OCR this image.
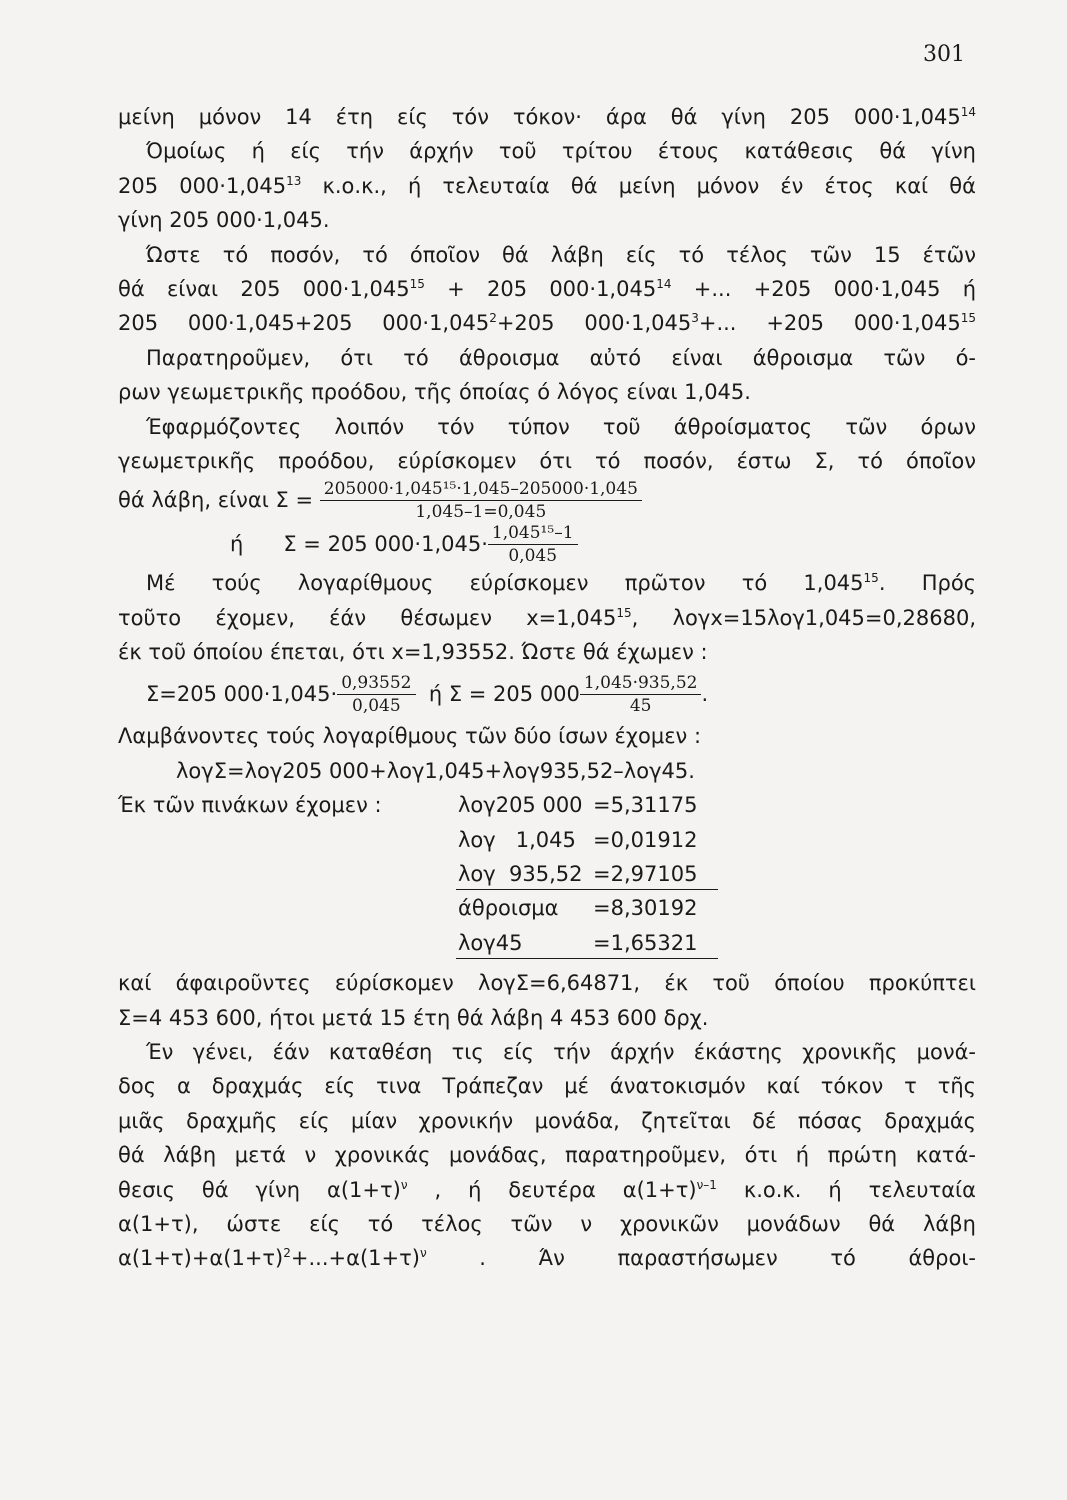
301
μείνη μόνον 14 έτη είς τόν τόκον· άρα θά γίνη 205 $000\cdot 1,045^{14}$
Όμοίως ή είς τήν άρχήν τοῦ τρίτου έτους κατάθεσις θά γίνη
205 $000\cdot 1,045^{13}$ κ.ο.κ., ή τελευταία θά μείνη μόνον έν έτος καί θά
γίνη 205 000·1,045.
Ώστε τό ποσόν, τό όποῖον θά λάβη είς τό τέλος τῶν 15 έτῶν
θά είναι 205 $000\cdot 1,045^{15} + 205$ $000\cdot 1,045^{14}$ +... +205 000·1,045 ή
205 000·1,045+205 $000\cdot 1,045^2+205$ $000\cdot 1,045^3+$... +205 $000\cdot 1,045^{15}$
Παρατηροῦμεν, ότι τό άθροισμα αὐτό είναι άθροισμα τῶν ό-
ρων γεωμετρικῆς προόδου, τῆς όποίας ό λόγος είναι 1,045.
Έφαρμόζοντες λοιπόν τόν τύπον τοῦ άθροίσματος τῶν όρων
γεωμετρικῆς προόδου, εύρίσκομεν ότι τό ποσόν, έστω Σ, τό όποῖον
θά λάβη, είναι Σ =
$\frac{\text{205000·1,045¹⁵·1,045–205000·1,045}}{1,045-1=0,045}$
ή      Σ = 205 $000\cdot 1,045\cdot \frac{\text{1,045¹⁵–1}}{0,045}$
Μέ τούς λογαρίθμους εύρίσκομεν πρῶτον τό 1,045$^{15}$. Πρός
τοῦτο έχομεν, έάν θέσωμεν $x=1,045^{15}$, λογx=15λογ1,045=0,28680,
έκ τοῦ όποίου έπεται, ότι x=1,93552. Ώστε θά έχωμεν :
Σ=205 $000\cdot 1,045\cdot \frac{0,93552}{0,045}$
ή Σ = 205 $000 \frac{1,045\cdot 935,52}{45}$ .
Λαμβάνοντες τούς λογαρίθμους τῶν δύο ίσων έχομεν :
λογΣ=λογ205 000+λογ1,045+λογ935,52–λογ45.
Έκ τῶν πινάκων έχομεν :	λογ205 000 =5,31175
λογ   1,045 =0,01912
λογ  935,52 =2,97105
άθροισμα =8,30192
λογ45	=1,65321
καί άφαιροῦντες εύρίσκομεν λογΣ=6,64871, έκ τοῦ όποίου προκύπτει
Σ=4 453 600, ήτοι μετά 15 έτη θά λάβη 4 453 600 δρχ.
Έν γένει, έάν καταθέση τις είς τήν άρχήν έκάστης χρονικῆς μονά-
δος α δραχμάς είς τινα Τράπεζαν μέ άνατοκισμόν καί τόκον τ τῆς
μιᾶς δραχμῆς είς μίαν χρονικήν μονάδα, ζητεῖται δέ πόσας δραχμάς
θά λάβη μετά ν χρονικάς μονάδας, παρατηροῦμεν, ότι ή πρώτη κατά-
θεσις θά γίνη $\alpha(1+\tau)^\nu$ , ή δευτέρα $\alpha(1+\tau)^{\nu-1}$ κ.ο.κ. ή τελευταία
α(1+τ), ώστε είς τό τέλος τῶν ν χρονικῶν μονάδων θά λάβη
$\alpha(1+\tau)+\alpha(1+\tau)^2+...+\alpha(1+\tau)^\nu$ . Άν παραστήσωμεν τό άθροι-
